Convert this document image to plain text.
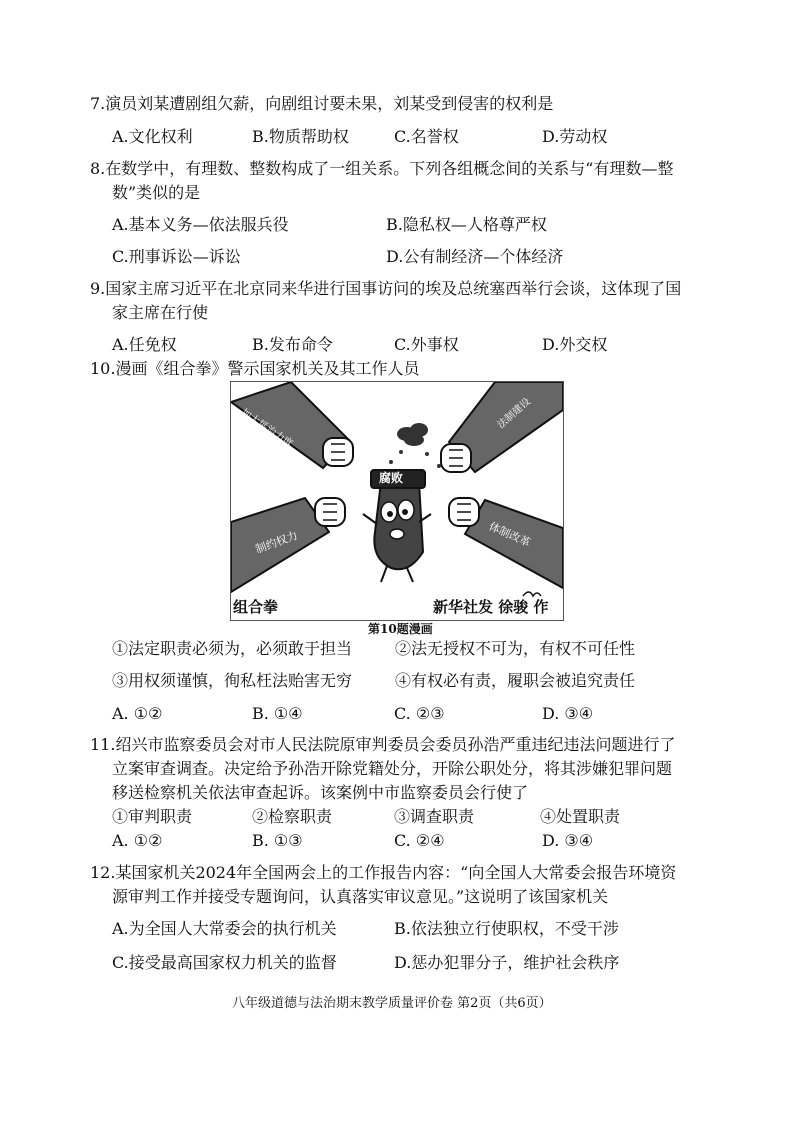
7.演员刘某遭剧组欠薪，向剧组讨要未果，刘某受到侵害的权利是
A.文化权利	B.物质帮助权	C.名誉权	D.劳动权
8.在数学中，有理数、整数构成了一组关系。下列各组概念间的关系与“有理数—整
数”类似的是
A.基本义务—依法服兵役	B.隐私权—人格尊严权
C.刑事诉讼—诉讼	D.公有制经济—个体经济
9.国家主席习近平在北京同来华进行国事访问的埃及总统塞西举行会谈，这体现了国
家主席在行使
A.任免权	B.发布命令	C.外事权	D.外交权
10.漫画《组合拳》警示国家机关及其工作人员
腐败
加大惩治力度	法制建设
制约权力	体制改革
组合拳	新华社发 徐骏 作
第10题漫画
①法定职责必须为，必须敢于担当	②法无授权不可为，有权不可任性
③用权须谨慎，徇私枉法贻害无穷	④有权必有责，履职会被追究责任
A. ①②	B. ①④	C. ②③	D. ③④
11.绍兴市监察委员会对市人民法院原审判委员会委员孙浩严重违纪违法问题进行了
立案审查调查。决定给予孙浩开除党籍处分，开除公职处分，将其涉嫌犯罪问题
移送检察机关依法审查起诉。该案例中市监察委员会行使了
①审判职责	②检察职责	③调查职责	④处置职责
A. ①②	B. ①③	C. ②④	D. ③④
12.某国家机关2024年全国两会上的工作报告内容：“向全国人大常委会报告环境资
源审判工作并接受专题询问，认真落实审议意见。”这说明了该国家机关
A.为全国人大常委会的执行机关	B.依法独立行使职权，不受干涉
C.接受最高国家权力机关的监督	D.惩办犯罪分子，维护社会秩序
八年级道德与法治期末教学质量评价卷 第2页（共6页）
